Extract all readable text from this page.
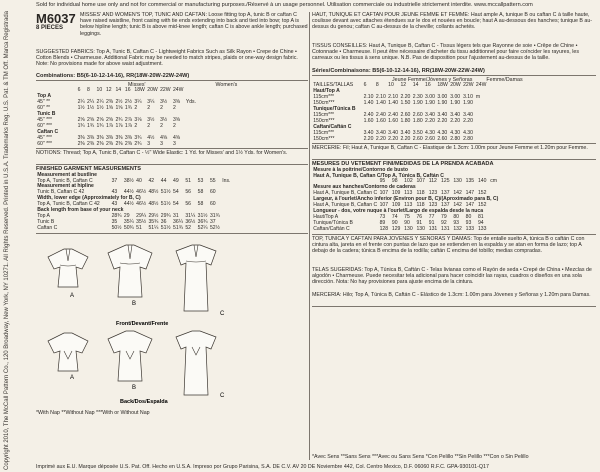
Sold for individual home use only and not for commercial or manufacturing purposes./Réservé à un usage personnel. Utilisation commerciale ou industrielle strictement interdite. www.mccallpattern.com
Copyright 2010, The McCall Pattern Co., 120 Broadway, New York, NY 10271. All Rights Reserved. Printed in U.S.A. Trademarks Reg. U.S. Pat. & TM Off. Marca Registrada M6037
8 PIECES
MISSES' AND WOMEN'S TOP, TUNIC AND CAFTAN: Loose fitting top A, tunic B or caftan C have raised waistline, front casing with tie ends extending into back and tied into bow; top A is below hipline length; tunic B is above mid-knee length; caftan C is above ankle length; purchased leggings.
SUGGESTED FABRICS: Top A, Tunic B, Caftan C - Lightweight Fabrics Such as Silk Rayon • Crepe de Chine • Cotton Blends • Charmeuse. Additional Fabric may be needed to match stripes, plaids or one-way design fabric. Note: No provisions made for above waist adjustment.
Combinations: B5(6-10-12-14-16), RR(18W-20W-22W-24W)
Misses'	Women's
	6	8	10	12	14	16	18W	20W	22W	24W	
Top A											
45" **	2¼	2¼	2¼	2⅜	2½	2½	3¼	3¼	3½	3⅝	Yds.
60" **	1½	1½	1½	1⅝	1⅝	1¾	2	2	2	2	
Tunic B											
45" ***	2⅝	2⅝	2⅝	2⅝	2¾	2⅞	3⅛	3½	3½	3⅝	
60" ***	1¾	1¾	1¾	1⅞	1⅞	1⅞	2	2	2	2	
Caftan C											
45" ***	3⅜	3⅜	3⅜	3⅜	3⅜	3⅜	3¾	4½	4⅝	4⅝	
60" ***	2⅜	2⅜	2⅜	2⅜	2⅜	2⅜	2¾	3	3	3	
NOTIONS: Thread; Top A, Tunic B, Caftan C - ½" Wide Elastic: 1 Yd. for Misses' and 1½ Yds. for Women's.
FINISHED GARMENT MEASUREMENTS
Measurement at bustline										
Top A, Tunic B, Caftan C	37	38½	40	42	44	49	51	53	55	Ins.
Measurement at hipline										
Tunic B, Caftan C 42	43	44½	46½	48½	51½	54	56	58	60	
Width, lower edge (Approximately for B, C)										
Top A, Tunic B, Caftan C 42	43	44½	46½	48½	51½	54	56	58	60	
Back length from base of your neck										
Top A	28¾	29	29¼	29½	29¾	31	31¼	31½	31¾	
Tunic B	35	35¼	35½	35¾	36	36¼	36½	36¾	37	
Caftan C	50½	50¾	51	51¼	51½	51¾	52	52¼	52½	
A
B
C
Front/Devant/Frente
A
B
C
Back/Dos/Espalda
*With Nap **Without Nap ***With or Without Nap
HAUT, TUNIQUE ET CAFTAN POUR JEUNE FEMME ET FEMME: Haut ample A, tunique B ou caftan C à taille haute, coulisse devant avec attaches étendues sur le dos et nouées en boucle; haut A au-dessous des hanches; tunique B au-dessus du genou; caftan C au-dessus de la cheville; collants achetés.
TISSUS CONSEILLES: Haut A, Tunique B, Caftan C - Tissus légers tels que Rayonne de soie • Crêpe de Chine • Cotonnade • Charmeuse. Il peut être nécessaire d'acheter du tissu additionnel pour faire coïncider les rayures, les carreaux ou les tissus à sens unique. N.B. Pas de disposition pour l'ajustement au-dessus de la taille.
Séries/Combinaisons: B5(6-10-12-14-16), RR(18W-20W-22W-24W)
Jeune Femme/Jóvenes y Señoras	Femme/Damas
TAILLES/TALLAS	6	8	10	12	14	16	18W	20W	22W	24W
Haut/Top A										
115cm***	2.10	2.10	2.10	2.20	2.30	3.00	3.00	3.00	3.10	m
150cm***	1.40	1.40	1.40	1.50	1.90	1.90	1.90	1.90	1.90	
Tunique/Túnica B										
115cm***	2.40	2.40	2.40	2.60	2.60	3.40	3.40	3.40	3.40	
150cm***	1.60	1.60	1.60	1.80	1.80	2.20	2.20	2.20	2.20	
Caftan/Caftán C										
115cm***	3.40	3.40	3.40	3.40	3.50	4.30	4.30	4.30	4.30	
150cm***	2.20	2.20	2.20	2.20	2.60	2.60	2.60	2.80	2.80	
MERCERIE: Fil; Haut A, Tunique B, Caftan C - Elastique de 1.3cm: 1.00m pour Jeune Femme et 1.20m pour Femme.
MESURES DU VETEMENT FINI/MEDIDAS DE LA PRENDA ACABADA
Mesure à la poitrine/Contorno de busto										
Haut A, Tunique B, Caftan C/Top A, Túnica B, Caftán C										
	95	98	102	107	112	125	130	135	140	cm
Mesure aux hanches/Contorno de caderas										
Haut A, Tunique B, Caftan C	107	109	113	118	123	137	142	147	152	
Largeur, à l'ourlet/Ancho inferior (Environ pour B, C)/(Aproximado para B, C)										
Haut A, Tunique B, Caftan C	107	109	113	118	123	137	142	147	152	
Longueur - dos, votre nuque à l'ourlet/Largo de espalda desde la nuca										
Haut/Top A	73	74	75	76	77	79	80	80	81	
Tunique/Túnica B	89	90	90	91	91	92	93	93	94	
Caftan/Caftán C	128	129	130	130	131	131	132	133	133	
TOP, TÚNICA Y CAFTÁN PARA JÓVENES Y SEÑORAS Y DAMAS: Top de entalle suelto A, túnica B o caftán C con cintura alta, jareta en el frente con puntas de lazo que se extienden en la espalda y se atan en forma de lazo; top A debajo de la cadera; túnica B encima de la rodilla; caftán C encima del tobillo; medias compradas.
TELAS SUGERIDAS: Top A, Túnica B, Caftán C - Telas livianas como el Rayón de seda • Crepé de China • Mezclas de algodón • Charmeuse. Puede necesitar tela adicional para hacer coincidir las rayas, cuadros o diseños en una sola dirección. Nota: No hay provisiones para ajuste encima de la cintura.
MERCERÍA: Hilo; Top A, Túnica B, Caftán C - Elástico de 1.3cm: 1.00m para Jóvenes y Señoras y 1.20m para Damas.
*Avec Sens **Sans Sens ***Avec ou Sans Sens *Con Pelillo **Sin Pelillo ***Con o Sin Pelillo
Imprimé aux É.U. Marque déposée U.S. Pat. Off. Hecho en U.S.A. Impreso por Grupo Parisina, S.A. DE C.V. AV 20 DE Noviembre 442, Col. Centro Mexico, D.F. 06060 R.F.C. GPA-930101-Q17
